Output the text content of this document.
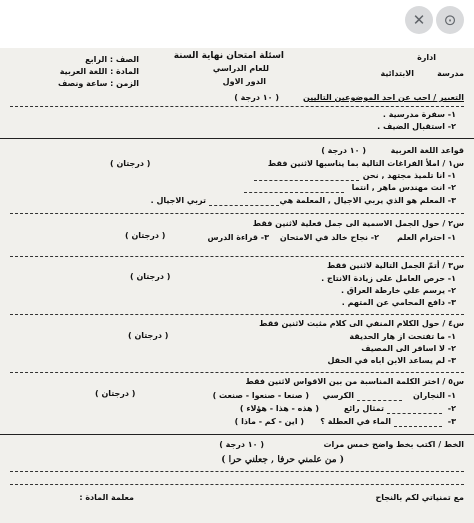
✕	⊙
ادارة
مدرسة
الابتدائية
اسئلة امتحان نهاية السنة
للعام الدراسي
الدور الاول
الصف : الرابع
المادة : اللغة العربية
الزمن : ساعة ونصف
التعبير / اجب عن احد الموضوعين التاليين
( ١٠ درجة )
١- سفرة مدرسية .
٢- استقبال الضيف .
قواعد اللغة العربية
( ١٠ درجة )
س١ / املأ الفراغات التالية بما يناسبها لاثنين فقط
( درجتان )
١- انا تلميذ مجتهد , نحن
٢- انت مهندس ماهر , انتما
٣- المعلم هو الذي يربي الاجيال , المعلمة هي
تربي الاجيال .
س٢ / حول الجمل الاسمية الى جمل فعلية لاثنين فقط
( درجتان )	١- احترام العلم
٢- نجاح خالد في الامتحان
٣- قراءة الدرس
س٣ / أتمّ الجمل التالية لاثنين فقط
( درجتان )	١- حرص العامل على زيادة الانتاج .
٢- يرسم علي خارطة العراق .
٣- دافع المحامي عن المتهم .
س٤ / حول الكلام المنفي الى كلام مثبت لاثنين فقط
( درجتان )	١- ما تفتحت از هار الحديقة
٢- لا اسافر الى المصيف
٣- لم يساعد الابن اباه في الحقل
س٥ / اختر الكلمة المناسبة من بين الاقواس لاثنين فقط
( درجتان )	١- النجاران
الكرسي
( صنعا - صنعوا - صنعت )
٢-
تمثال رائع
( هذه - هذا - هؤلاء )
٣-
الماء في العطلة ؟
( اين - كم - ماذا )
الخط / اكتب بخط واضح خمس مرات
( ١٠ درجة )
( من علمني حرفا , جعلني حرا )
مع تمنياتي لكم بالنجاح
معلمة المادة :
